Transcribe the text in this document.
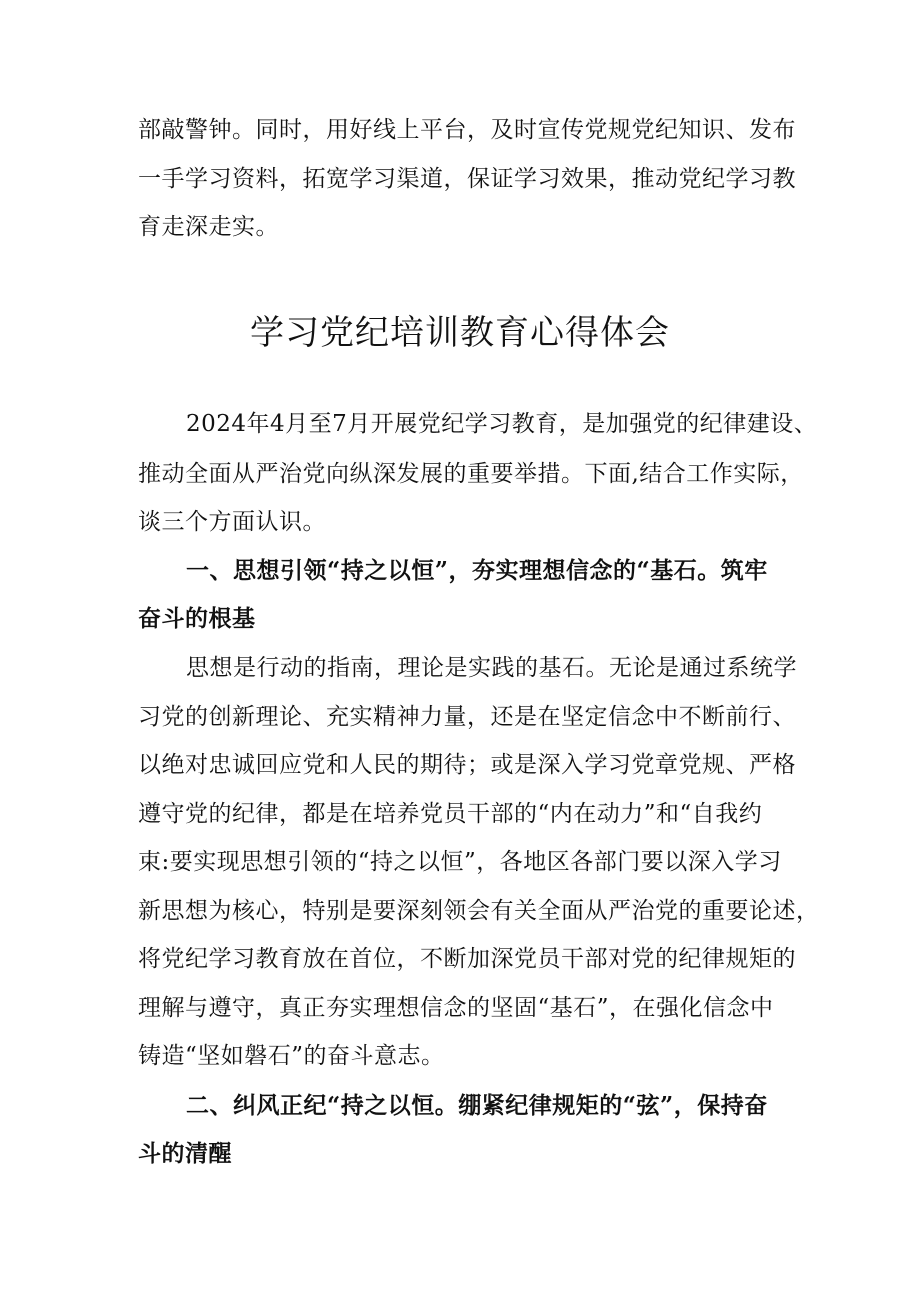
部敲警钟。同时，用好线上平台，及时宣传党规党纪知识、发布
一手学习资料，拓宽学习渠道，保证学习效果，推动党纪学习教
育走深走实。
学习党纪培训教育心得体会
2024年4月至7月开展党纪学习教育，是加强党的纪律建设、
推动全面从严治党向纵深发展的重要举措。下面,结合工作实际，
谈三个方面认识。
一、思想引领“持之以恒”，夯实理想信念的“基石。筑牢
奋斗的根基
思想是行动的指南，理论是实践的基石。无论是通过系统学
习党的创新理论、充实精神力量，还是在坚定信念中不断前行、
以绝对忠诚回应党和人民的期待；或是深入学习党章党规、严格
遵守党的纪律，都是在培养党员干部的“内在动力”和“自我约
束:要实现思想引领的“持之以恒”，各地区各部门要以深入学习
新思想为核心，特别是要深刻领会有关全面从严治党的重要论述，
将党纪学习教育放在首位，不断加深党员干部对党的纪律规矩的
理解与遵守，真正夯实理想信念的坚固“基石”，在强化信念中
铸造“坚如磐石”的奋斗意志。
二、纠风正纪“持之以恒。绷紧纪律规矩的“弦”，保持奋
斗的清醒
